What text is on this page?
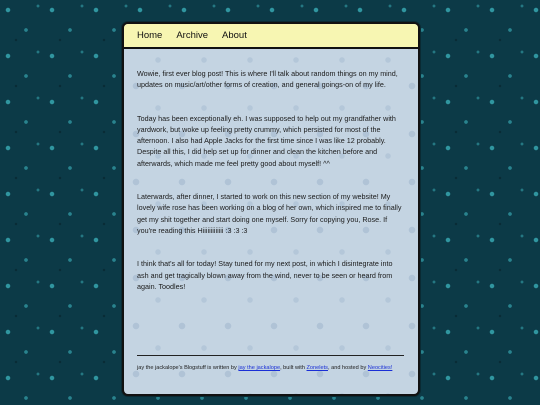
Home Archive About

Wowie, first ever blog post! This is where I'll talk about random things on my mind, updates on music/art/other forms of creation, and general goings-on of my life.

Today has been exceptionally eh. I was supposed to help out my grandfather with yardwork, but woke up feeling pretty crummy, which persisted for most of the afternoon. I also had Apple Jacks for the first time since I was like 12 probably. Despite all this, I did help set up for dinner and clean the kitchen before and afterwards, which made me feel pretty good about myself! ^^

Laterwards, after dinner, I started to work on this new section of my website! My lovely wife rose has been working on a blog of her own, which inspired me to finally get my shit together and start doing one myself. Sorry for copying you, Rose. If you're reading this Hiiiiiiiiiiiii :3 :3 :3

I think that's all for today! Stay tuned for my next post, in which I disintegrate into ash and get tragically blown away from the wind, never to be seen or heard from again. Toodles!

jay the jackalope's Blogstuff is written by jay the jackalope, built with Zonelets, and hosted by Neocities!
